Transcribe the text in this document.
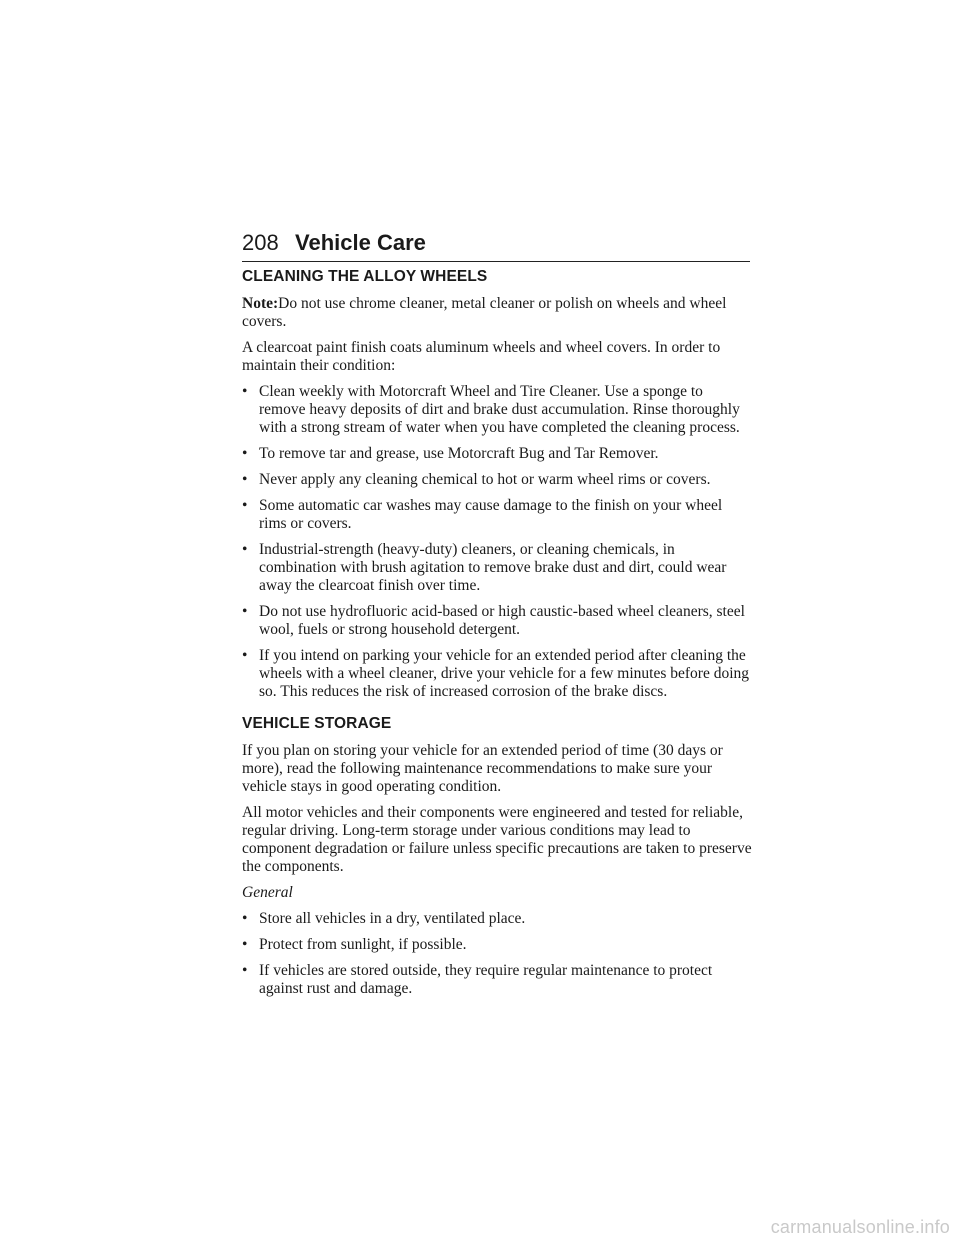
208 Vehicle Care
CLEANING THE ALLOY WHEELS

Note:Do not use chrome cleaner, metal cleaner or polish on wheels and wheel covers.

A clearcoat paint finish coats aluminum wheels and wheel covers. In order to maintain their condition:

• Clean weekly with Motorcraft Wheel and Tire Cleaner. Use a sponge to remove heavy deposits of dirt and brake dust accumulation. Rinse thoroughly with a strong stream of water when you have completed the cleaning process.
• To remove tar and grease, use Motorcraft Bug and Tar Remover.
• Never apply any cleaning chemical to hot or warm wheel rims or covers.
• Some automatic car washes may cause damage to the finish on your wheel rims or covers.
• Industrial-strength (heavy-duty) cleaners, or cleaning chemicals, in combination with brush agitation to remove brake dust and dirt, could wear away the clearcoat finish over time.
• Do not use hydrofluoric acid-based or high caustic-based wheel cleaners, steel wool, fuels or strong household detergent.
• If you intend on parking your vehicle for an extended period after cleaning the wheels with a wheel cleaner, drive your vehicle for a few minutes before doing so. This reduces the risk of increased corrosion of the brake discs.
VEHICLE STORAGE

If you plan on storing your vehicle for an extended period of time (30 days or more), read the following maintenance recommendations to make sure your vehicle stays in good operating condition.

All motor vehicles and their components were engineered and tested for reliable, regular driving. Long-term storage under various conditions may lead to component degradation or failure unless specific precautions are taken to preserve the components.

General

• Store all vehicles in a dry, ventilated place.
• Protect from sunlight, if possible.
• If vehicles are stored outside, they require regular maintenance to protect against rust and damage.
carmanualsonline.info
